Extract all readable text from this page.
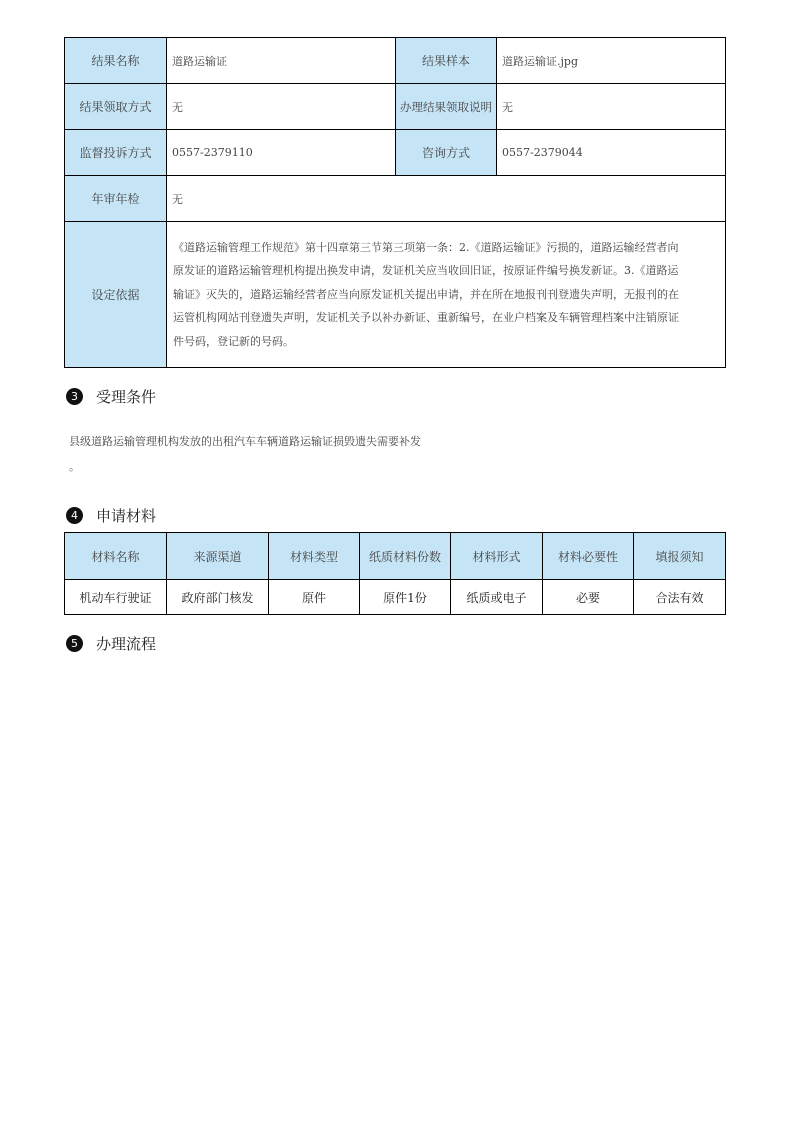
结果名称	道路运输证	结果样本	道路运输证.jpg
结果领取方式	无	办理结果领取说明	无
监督投诉方式	0557-2379110	咨询方式	0557-2379044
年审年检	无		
设定依据	《道路运输管理工作规范》第十四章第三节第三项第一条：2.《道路运输证》污损的，道路运输经营者向
原发证的道路运输管理机构提出换发申请，发证机关应当收回旧证，按原证件编号换发新证。3.《道路运
输证》灭失的，道路运输经营者应当向原发证机关提出申请，并在所在地报刊刊登遗失声明，无报刊的在
运管机构网站刊登遗失声明，发证机关予以补办新证、重新编号，在业户档案及车辆管理档案中注销原证
件号码，登记新的号码。		
3	受理条件
县级道路运输管理机构发放的出租汽车车辆道路运输证损毁遗失需要补发
。
4	申请材料
材料名称	来源渠道	材料类型	纸质材料份数	材料形式	材料必要性	填报须知
机动车行驶证	政府部门核发	原件	原件1份	纸质或电子	必要	合法有效
5	办理流程
